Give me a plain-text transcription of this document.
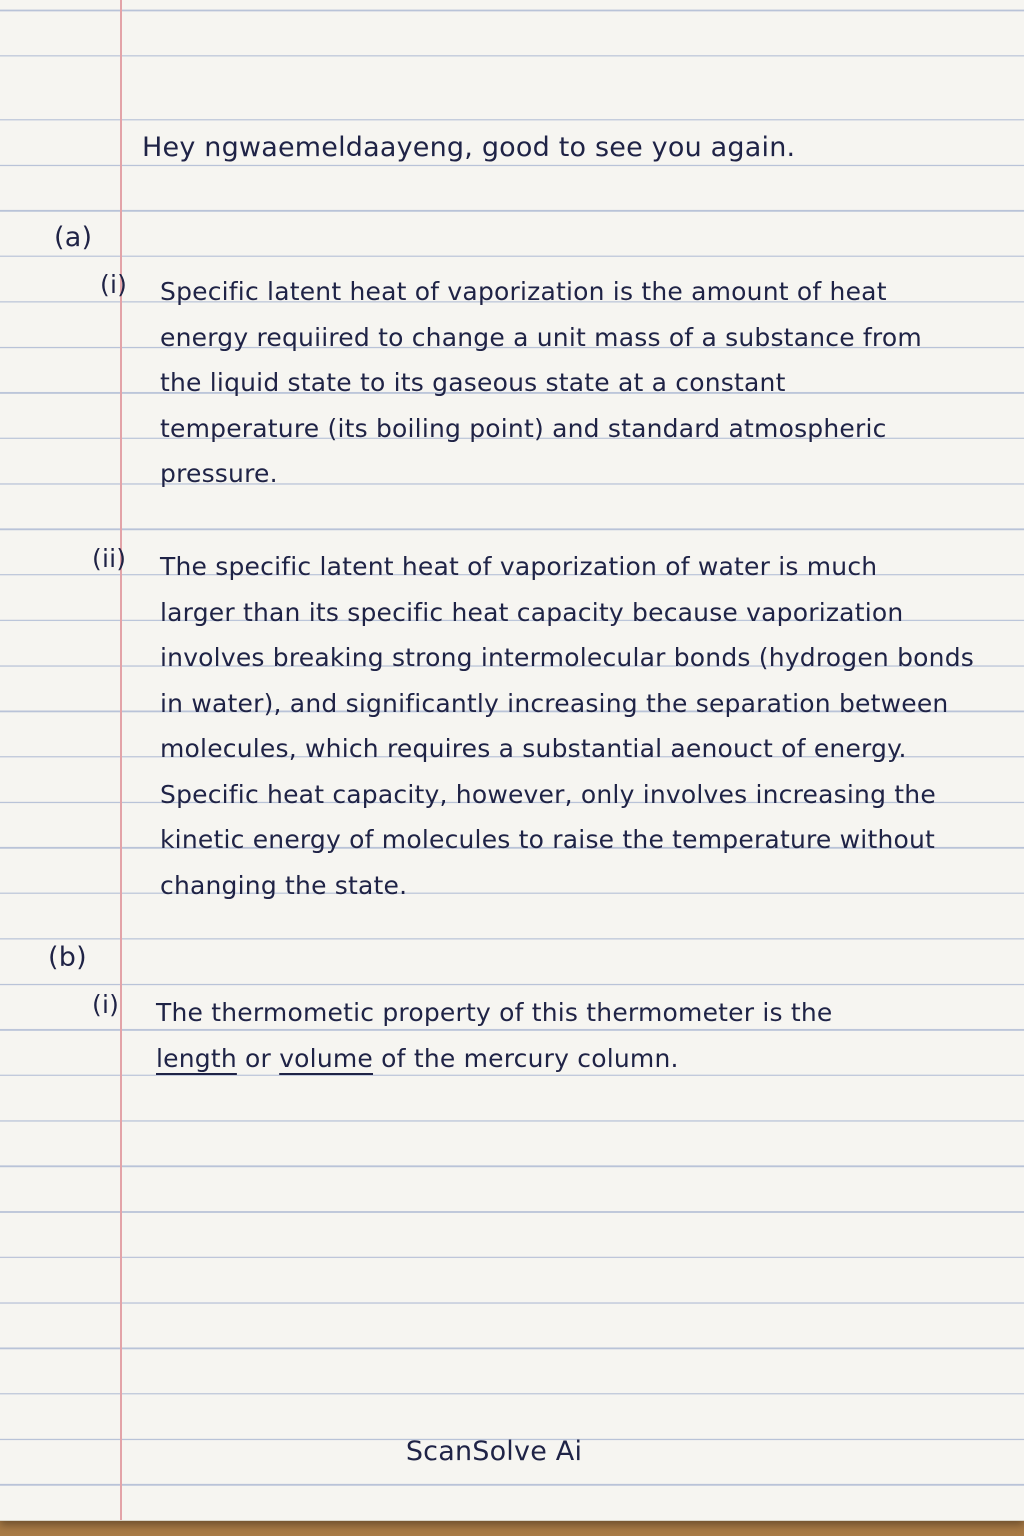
Hey ngwaemeldaayeng, good to see you again.

(a)

(i) Specific latent heat of vaporization is the amount of heat
energy requiired to change a unit mass of a substance from
the liquid state to its gaseous state at a constant
temperature (its boiling point) and standard atmospheric
pressure.

(ii) The specific latent heat of vaporization of water is much
larger than its specific heat capacity because vaporization
involves breaking strong intermolecular bonds (hydrogen bonds
in water), and significantly increasing the separation between
molecules, which requires a substantial aenouct of energy.
Specific heat capacity, however, only involves increasing the
kinetic energy of molecules to raise the temperature without
changing the state.

(b)

(i) The thermometic property of this thermometer is the
length or volume of the mercury column.

ScanSolve Ai
